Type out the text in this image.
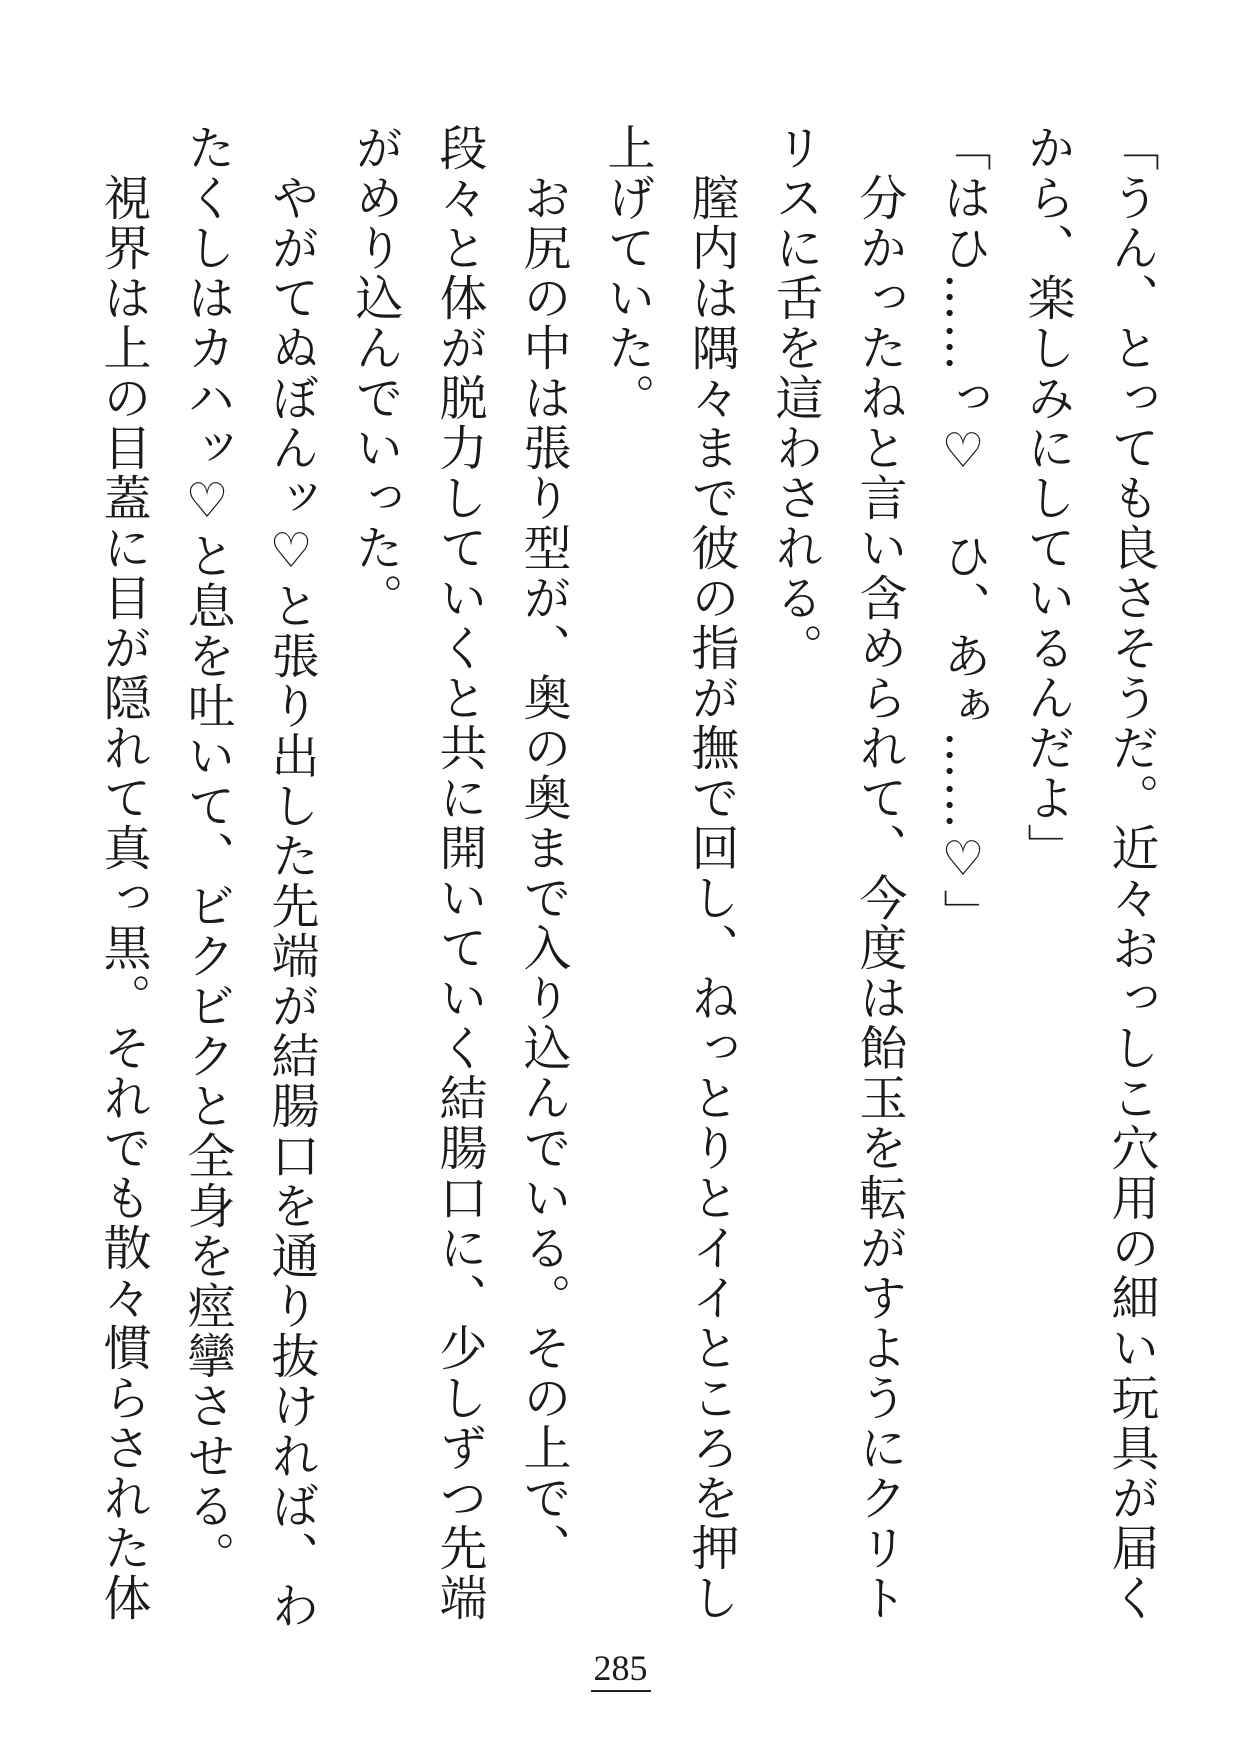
「うん、とっても良さそうだ。近々おっしこ穴用の細い玩具が届く
から、楽しみにしているんだよ」
「はひ……っ♡　ひ、あぁ……♡」
分かったねと言い含められて、今度は飴玉を転がすようにクリト
リスに舌を這わされる。
膣内は隅々まで彼の指が撫で回し、ねっとりとイイところを押し
上げていた。
お尻の中は張り型が、奥の奥まで入り込んでいる。その上で、
段々と体が脱力していくと共に開いていく結腸口に、少しずつ先端
がめり込んでいった。
やがてぬぼんッ♡と張り出した先端が結腸口を通り抜ければ、わ
たくしはカハッ♡と息を吐いて、ビクビクと全身を痙攣させる。
視界は上の目蓋に目が隠れて真っ黒。それでも散々慣らされた体
285
